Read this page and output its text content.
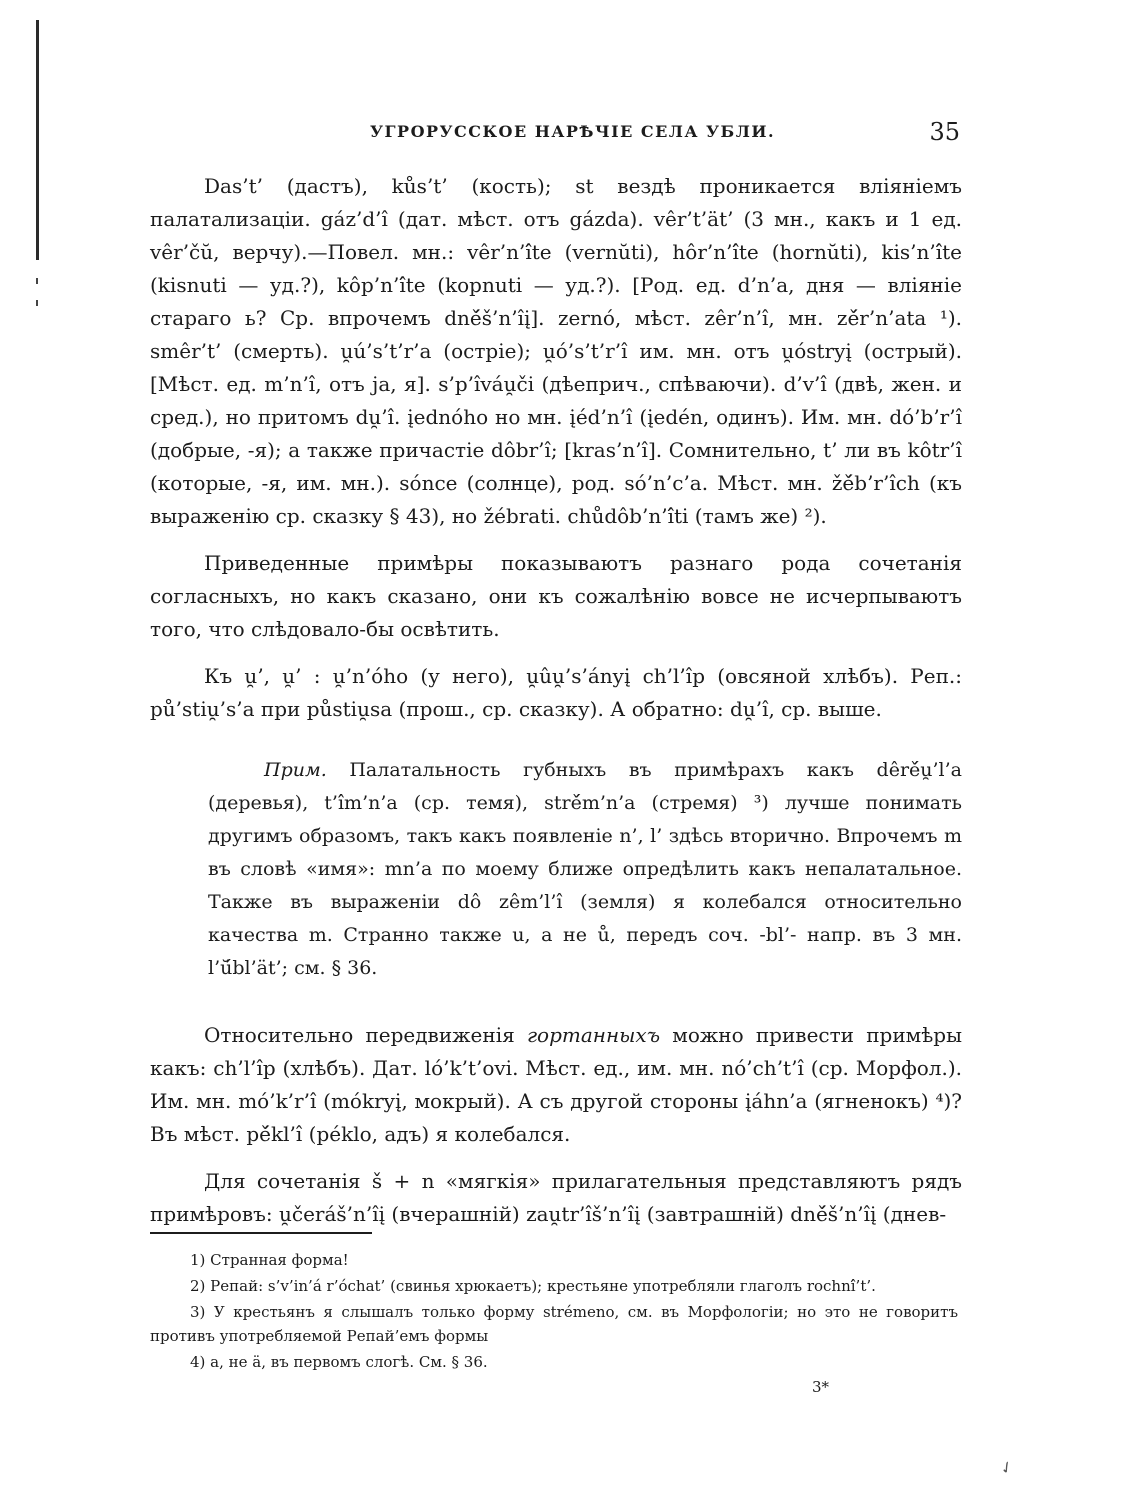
УГРОРУССКОЕ НАРѢЧІЕ СЕЛА УБЛИ.	35

Das’t’ (дастъ), kůs’t’ (кость); st вездѣ проникается вліяніемъ палатализаціи. gáz’d’î (дат. мѣст. отъ gázda). vêr’t’ät’ (3 мн., какъ и 1 ед. vêr’čŭ, верчу).—Повел. мн.: vêr’n’î́te (vernŭti), hôr’n’î́te (hornŭti), kis’n’î́te (kisnuti — уд.?), kôp’n’î́te (kopnuti — уд.?). [Род. ед. d’n’a, дня — вліяніе стараго ь? Ср. впрочемъ dně́š’n’îį]. zernó, мѣст. zêr’n’î, мн. zě́r’n’ata ¹). smêr’t’ (смерть). u̯ú’s’t’r’a (острie); u̯ó’s’t’r’î им. мн. отъ u̯óstryį (острый). [Мѣст. ед. m’n’î, отъ ja, я]. s’p’îváu̯či (дѣеприч., спѣваючи). d’v’î (двѣ, жен. и сред.), но притомъ du̯’î. įednóho но мн. įéd’n’î (įedén, одинъ). Им. мн. dó’b’r’î (добрые, -я); а также причастіе dôbr’î; [kras’n’î]. Сомнительно, t’ ли въ kôtr’î (которые, -я, им. мн.). sónce (солнце), род. só’n’c’a. Мѣст. мн. žě́b’r’îch (къ выраженію ср. сказку § 43), но žébrati. chůdôb’n’î́ti (тамъ же) ²).

Приведенные примѣры показываютъ разнаго рода сочетанія согласныхъ, но какъ сказано, они къ сожалѣнію вовсе не исчерпываютъ того, что слѣдовало-бы освѣтить.

Къ u̯’, u̯’ : u̯’n’óho (у него), u̯ûu̯’s’ányį ch’l’îp (овсяной хлѣбъ). Реп.: pů’stiu̯’s’a при půstiu̯sa (прош., ср. сказку). А обратно: du̯’î, ср. выше.

Прим. Палатальность губныхъ въ примѣрахъ какъ dêrě́u̯’l’a (деревья), t’î́m’n’a (ср. темя), strě́m’n’a (стремя) ³) лучше понимать другимъ образомъ, такъ какъ появленіе n’, l’ здѣсь вторично. Впрочемъ m въ словѣ «имя»: mn’a по моему ближе опредѣлить какъ непалатальное. Также въ выраженіи dô zêm’l’î (земля) я колебался относительно качества m. Странно также u, а не ů, передъ соч. -bl’- напр. въ 3 мн. l’ŭ́bl’ät’; см. § 36.

Относительно передвиженія гортанныхъ можно привести примѣры какъ: ch’l’îp (хлѣбъ). Дат. ló’k’t’ovi. Мѣст. ед., им. мн. nó’ch’t’î (ср. Морфол.). Им. мн. mó’k’r’î (mókryį, мокрый). А съ другой стороны įáhn’a (ягненокъ) ⁴)? Въ мѣст. pě́kl’î (péklo, адъ) я колебался.

Для сочетанія š + n «мягкія» прилагательныя представляютъ рядъ примѣровъ: u̯čeráš’n’îį (вчерашній) zau̯tr’îš’n’îį (завтрашній) dně́š’n’îį (днев-

1) Странная форма!

2) Репай: s’v’in’á r’óchat’ (свинья хрюкаетъ); крестьяне употребляли глаголъ rochnî́’t’.

3) У крестьянъ я слышалъ только форму strémeno, см. въ Морфологіи; но это не говоритъ противъ употребляемой Репай’емъ формы

4) a, не ä, въ первомъ слогѣ. См. § 36.

3*
✓
